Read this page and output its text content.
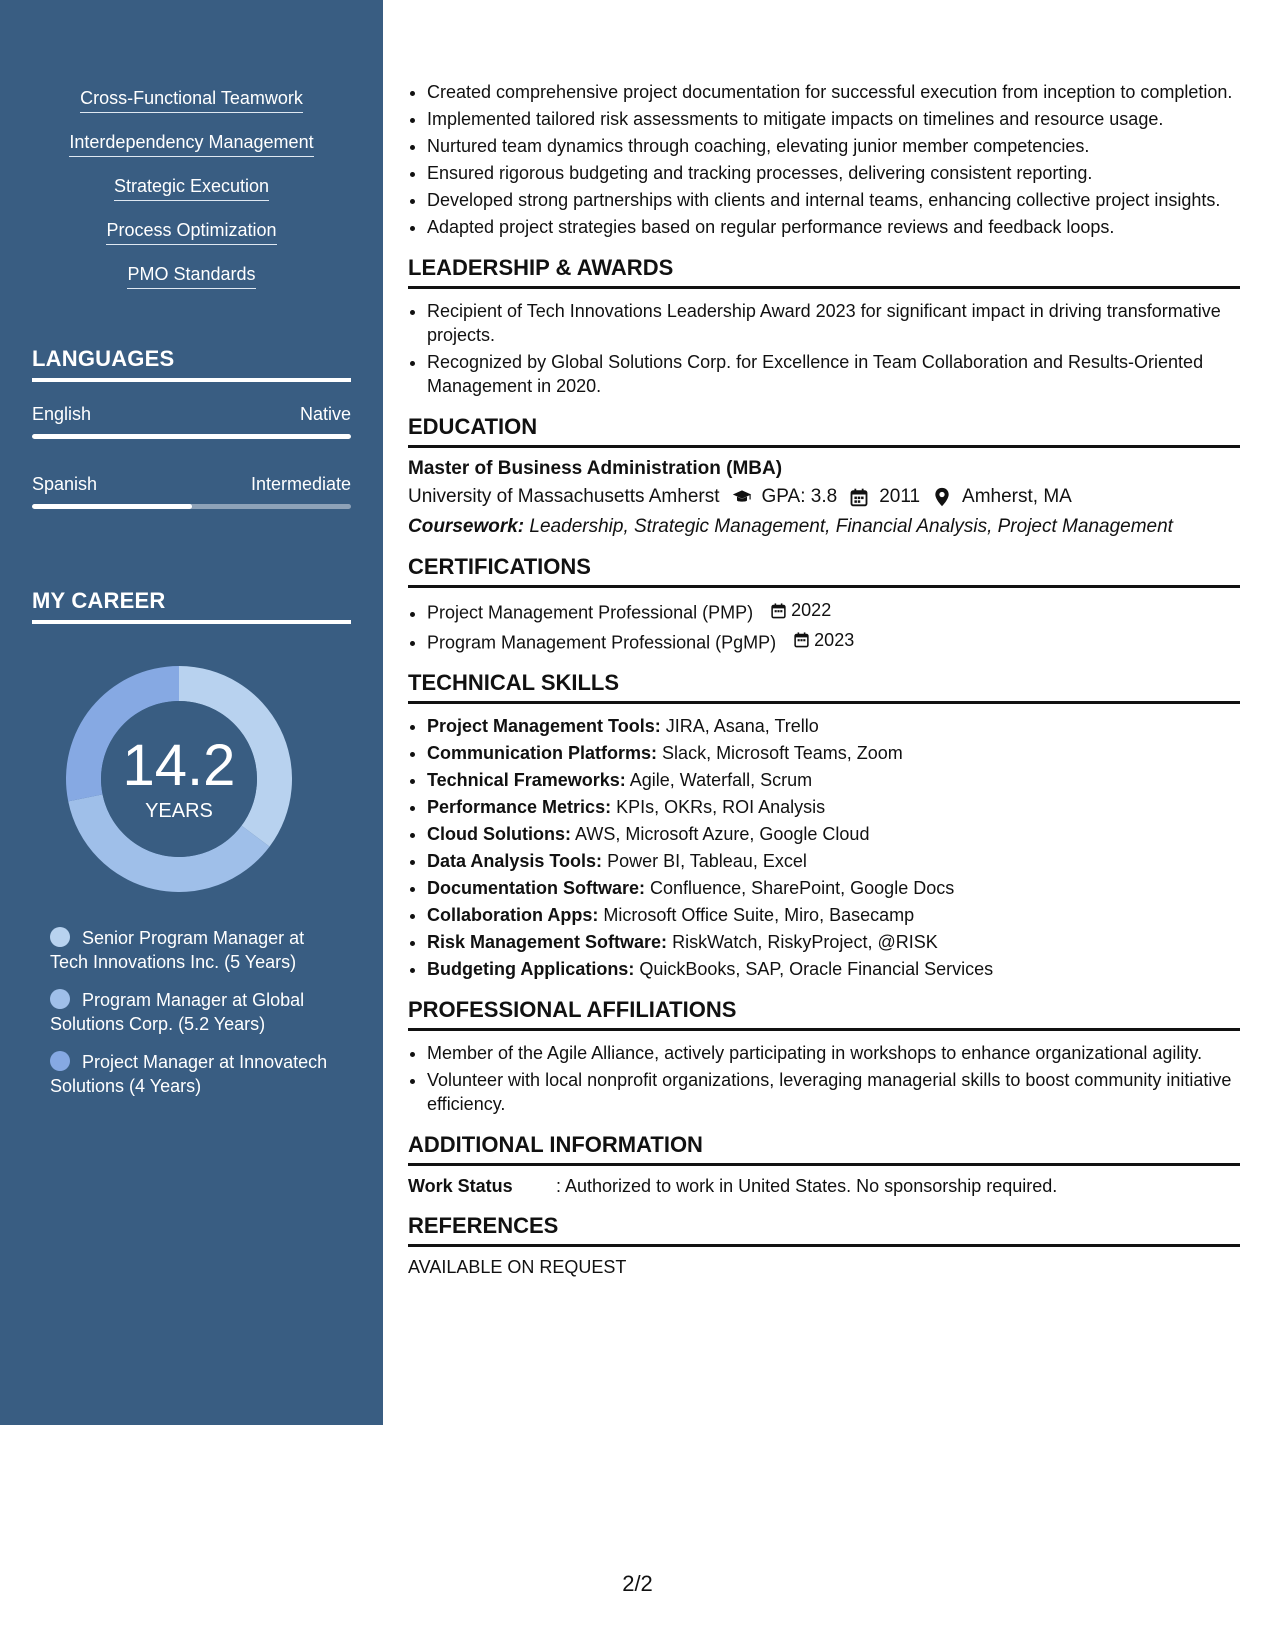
Cross-Functional Teamwork
Interdependency Management
Strategic Execution
Process Optimization
PMO Standards
LANGUAGES
English	Native
Spanish	Intermediate
MY CAREER
14.2
YEARS
Senior Program Manager at Tech Innovations Inc. (5 Years)
Program Manager at Global Solutions Corp. (5.2 Years)
Project Manager at Innovatech Solutions (4 Years)
• Created comprehensive project documentation for successful execution from inception to completion.
• Implemented tailored risk assessments to mitigate impacts on timelines and resource usage.
• Nurtured team dynamics through coaching, elevating junior member competencies.
• Ensured rigorous budgeting and tracking processes, delivering consistent reporting.
• Developed strong partnerships with clients and internal teams, enhancing collective project insights.
• Adapted project strategies based on regular performance reviews and feedback loops.
LEADERSHIP & AWARDS
• Recipient of Tech Innovations Leadership Award 2023 for significant impact in driving transformative projects.
• Recognized by Global Solutions Corp. for Excellence in Team Collaboration and Results-Oriented Management in 2020.
EDUCATION
Master of Business Administration (MBA)
University of Massachusetts Amherst GPA: 3.8 2011 Amherst, MA
Coursework: Leadership, Strategic Management, Financial Analysis, Project Management
CERTIFICATIONS
• Project Management Professional (PMP) 2022
• Program Management Professional (PgMP) 2023
TECHNICAL SKILLS
• Project Management Tools: JIRA, Asana, Trello
• Communication Platforms: Slack, Microsoft Teams, Zoom
• Technical Frameworks: Agile, Waterfall, Scrum
• Performance Metrics: KPIs, OKRs, ROI Analysis
• Cloud Solutions: AWS, Microsoft Azure, Google Cloud
• Data Analysis Tools: Power BI, Tableau, Excel
• Documentation Software: Confluence, SharePoint, Google Docs
• Collaboration Apps: Microsoft Office Suite, Miro, Basecamp
• Risk Management Software: RiskWatch, RiskyProject, @RISK
• Budgeting Applications: QuickBooks, SAP, Oracle Financial Services
PROFESSIONAL AFFILIATIONS
• Member of the Agile Alliance, actively participating in workshops to enhance organizational agility.
• Volunteer with local nonprofit organizations, leveraging managerial skills to boost community initiative efficiency.
ADDITIONAL INFORMATION
Work Status	: Authorized to work in United States. No sponsorship required.
REFERENCES
AVAILABLE ON REQUEST
2/2
